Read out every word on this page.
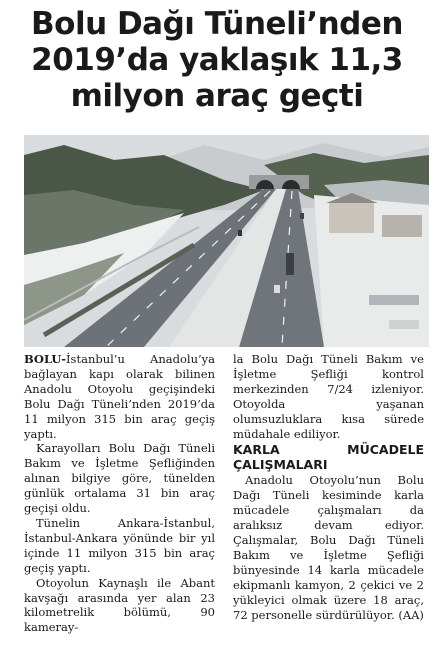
Bolu Dağı Tüneli’nden
2019’da yaklaşık 11,3
milyon araç geçti

BOLU-İstanbul’u Anadolu’ya bağlayan kapı olarak bilinen Anadolu Otoyolu geçişindeki Bolu Dağı Tüneli’nden 2019’da 11 milyon 315 bin araç geçiş yaptı.

Karayolları Bolu Dağı Tüneli Bakım ve İşletme Şefliğinden alınan bilgiye göre, tünelden günlük ortalama 31 bin araç geçişi oldu.

Tünelin Ankara-İstanbul, İstanbul-Ankara yönünde bir yıl içinde 11 milyon 315 bin araç geçiş yaptı.

Otoyolun Kaynaşlı ile Abant kavşağı arasında yer alan 23 kilometrelik bölümü, 90 kameray-

la Bolu Dağı Tüneli Bakım ve İşletme Şefliği kontrol merkezinden 7/24 izleniyor. Otoyolda yaşanan olumsuzluklara kısa sürede müdahale ediliyor.

KARLA MÜCADELE ÇALIŞMALARI

Anadolu Otoyolu’nun Bolu Dağı Tüneli kesiminde karla mücadele çalışmaları da aralıksız devam ediyor. Çalışmalar, Bolu Dağı Tüneli Bakım ve İşletme Şefliği bünyesinde 14 karla mücadele ekipmanlı kamyon, 2 çekici ve 2 yükleyici olmak üzere 18 araç, 72 personelle sürdürülüyor. (AA)
